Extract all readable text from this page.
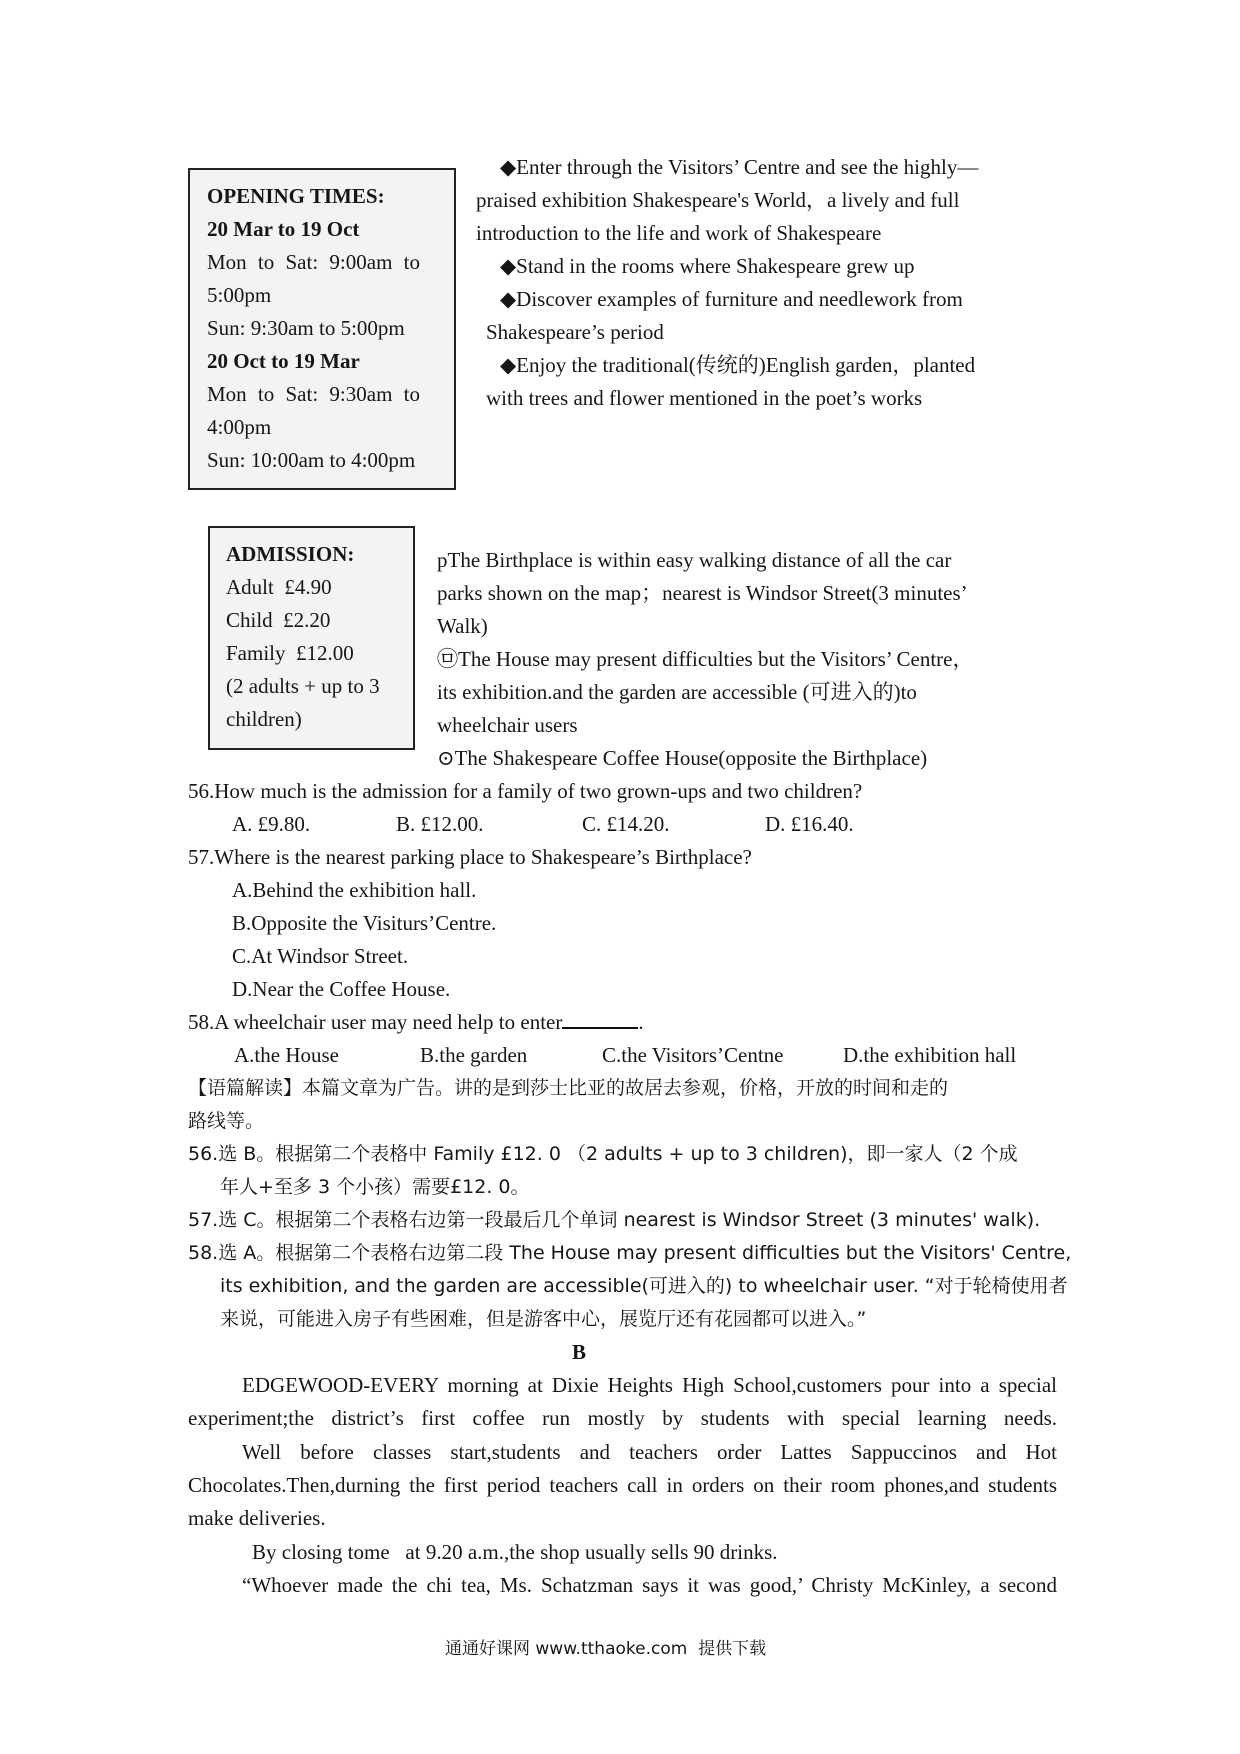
OPENING TIMES:

20 Mar to 19 Oct

Mon to Sat: 9:00am to

5:00pm

Sun: 9:30am to 5:00pm

20 Oct to 19 Mar

Mon to Sat: 9:30am to

4:00pm

Sun: 10:00am to 4:00pm

◆Enter through the Visitors’ Centre and see the highly—
praised exhibition Shakespeare's World，a lively and full
introduction to the life and work of Shakespeare
◆Stand in the rooms where Shakespeare grew up
◆Discover examples of furniture and needlework from
Shakespeare’s period
◆Enjoy the traditional(传统的)English garden，planted
with trees and flower mentioned in the poet’s works

ADMISSION:

Adult  £4.90

Child  £2.20

Family  £12.00

(2 adults + up to 3

children)

pThe Birthplace is within easy walking distance of all the car
parks shown on the map；nearest is Windsor Street(3 minutes’
Walk)
㉤The House may present difficulties but the Visitors’ Centre，
its exhibition.and the garden are accessible (可进入的)to
wheelchair users
⊙The Shakespeare Coffee House(opposite the Birthplace)
56.How much is the admission for a family of two grown-ups and two children?
A. £9.80.	B. £12.00.	C. £14.20.	D. £16.40.
57.Where is the nearest parking place to Shakespeare’s Birthplace?
A.Behind the exhibition hall.
B.Opposite the Visiturs’Centre.
C.At Windsor Street.
D.Near the Coffee House.
58.A wheelchair user may need help to enter	.
A.the House	B.the garden	C.the Visitors’Centne	D.the exhibition hall
【语篇解读】本篇文章为广告。讲的是到莎士比亚的故居去参观，价格，开放的时间和走的
路线等。
56.选 B。根据第二个表格中 Family £12. 0 （2 adults + up to 3 children)，即一家人（2 个成
年人+至多 3 个小孩）需要£12. 0。
57.选 C。根据第二个表格右边第一段最后几个单词 nearest is Windsor Street (3 minutes' walk).
58.选 A。根据第二个表格右边第二段 The House may present difficulties but the Visitors' Centre,
its exhibition, and the garden are accessible(可进入的) to wheelchair user. “对于轮椅使用者
来说，可能进入房子有些困难，但是游客中心，展览厅还有花园都可以进入。”
B
EDGEWOOD-EVERY morning at Dixie Heights High School,customers pour into a special
experiment;the district’s first coffee run mostly by students with special learning needs.
Well before classes start,students and teachers order Lattes Sappuccinos and Hot
Chocolates.Then,durning the first period teachers call in orders on their room phones,and students
make deliveries.
By closing tome   at 9.20 a.m.,the shop usually sells 90 drinks.
“Whoever made the chi tea, Ms. Schatzman says it was good,’ Christy McKinley, a second
通通好课网 www.tthaoke.com  提供下载
